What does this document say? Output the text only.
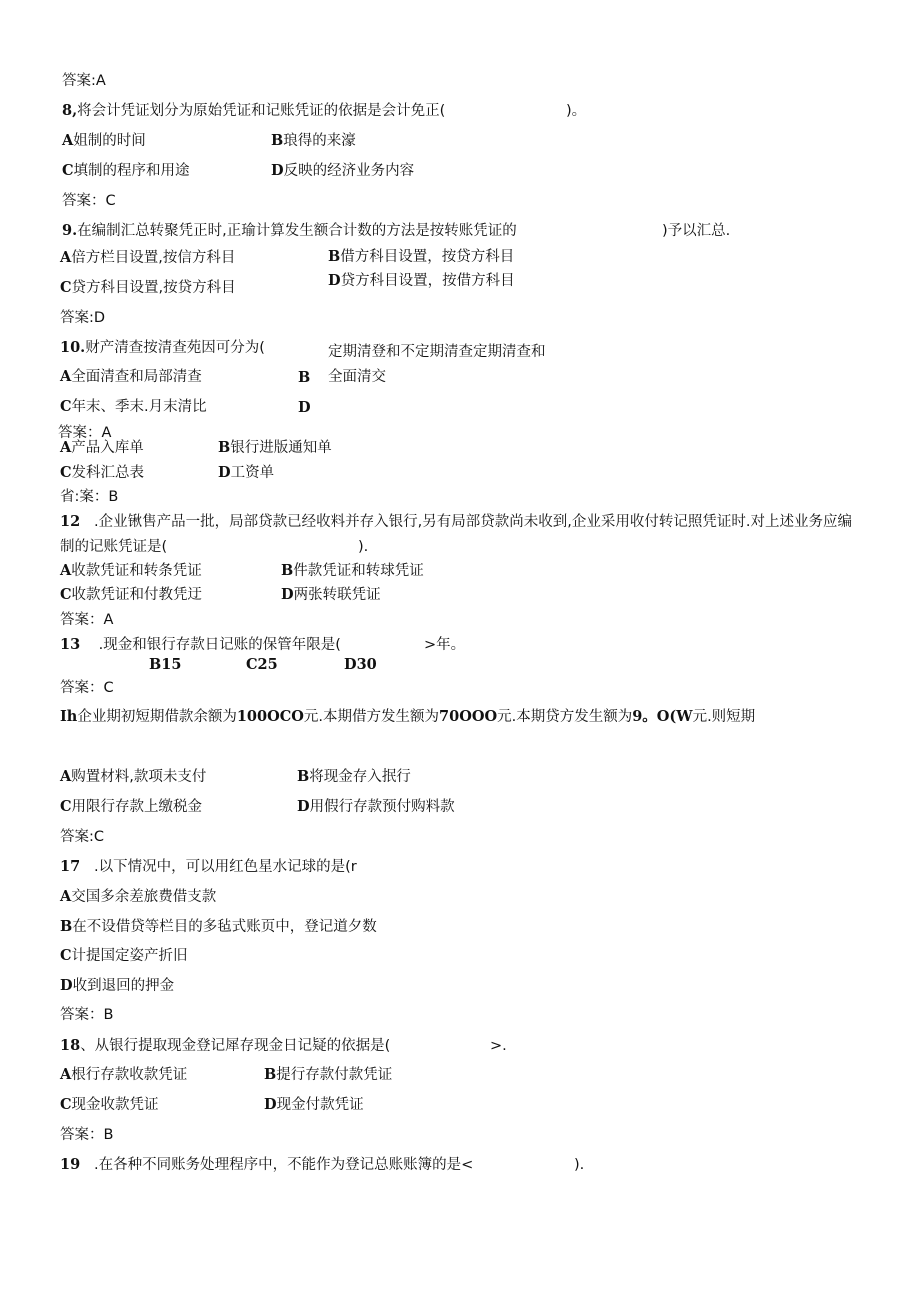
答案:A
8,将会计凭证划分为原始凭证和记账凭证的依据是会计免正(	)。
A姐制的时间	B琅得的来濠
C填制的程序和用途	D反映的经济业务内容
答案：C
9.在编制汇总转聚凭正时,正瑜计算发生额合计数的方法是按转账凭证的	)予以汇总.
A倍方栏目设置,按信方科目	B借方科目设置，按贷方科目
C贷方科目设置,按贷方科目	D贷方科目设置，按借方科目
答案:D
10.财产清查按清查苑因可分为(	定期清登和不定期清查定期清查和
A全面清查和局部清查	B 全面清交
C年末、季末.月末清比	D
答案：A
A产品入库单	B银行进版通知单
C发科汇总表	D工资单
省:案：B
12 .企业锹售产品一批，局部贷款已经收料并存入银行,另有局部贷款尚未收到,企业采用收付转记照凭证时.对上述业务应编
制的记账凭证是(	).
A收款凭证和转条凭证	B件款凭证和转球凭证
C收款凭证和付教凭迂	D两张转联凭证
答案：A
13 .现金和银行存款日记账的保管年限是(	>年。
B15	C25	D30
答案：C
Ih企业期初短期借款余额为100OCO元.本期借方发生额为70OOO元.本期贷方发生额为9。O(W元.则短期
A购置材料,款项未支付	B将现金存入抿行
C用限行存款上缴税金	D用假行存款预付购料款
答案:C
17 .以下情况中，可以用红色星水记球的是(r
A交国多余差旅费借支款
B在不设借贷等栏目的多毡式账页中，登记道夕数
C计提国定姿产折旧
D收到退回的押金
答案：B
18、从银行提取现金登记犀存现金日记疑的依据是(	>.
A根行存款收款凭证	B提行存款付款凭证
C现金收款凭证	D现金付款凭证
答案：B
19 .在各种不同账务处理程序中，不能作为登记总账账簿的是<	).
